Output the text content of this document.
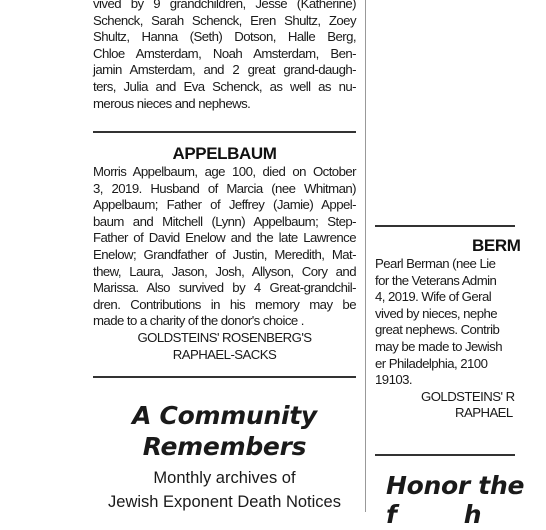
vived by 9 grandchildren, Jesse (Katherine)
Schenck, Sarah Schenck, Eren Shultz, Zoey
Shultz, Hanna (Seth) Dotson, Halle Berg,
Chloe Amsterdam, Noah Amsterdam, Ben-
jamin Amsterdam, and 2 great grand-daugh-
ters, Julia and Eva Schenck, as well as nu-
merous nieces and nephews.
APPELBAUM
Morris Appelbaum, age 100, died on October
3, 2019. Husband of Marcia (nee Whitman)
Appelbaum; Father of Jeffrey (Jamie) Appel-
baum and Mitchell (Lynn) Appelbaum; Step-
Father of David Enelow and the late Lawrence
Enelow; Grandfather of Justin, Meredith, Mat-
thew, Laura, Jason, Josh, Allyson, Cory and
Marissa. Also survived by 4 Great-grandchil-
dren. Contributions in his memory may be
made to a charity of the donor's choice .
GOLDSTEINS' ROSENBERG'S
RAPHAEL-SACKS
A Community
Remembers
Monthly archives of
Jewish Exponent Death Notices
BERM
Pearl Berman (nee Lie
for the Veterans Admin
4, 2019. Wife of Geral
vived by nieces, nephe
great nephews. Contrib
may be made to Jewish
er Philadelphia, 2100
19103.
GOLDSTEINS' R
RAPHAEL
Honor the
f        h
